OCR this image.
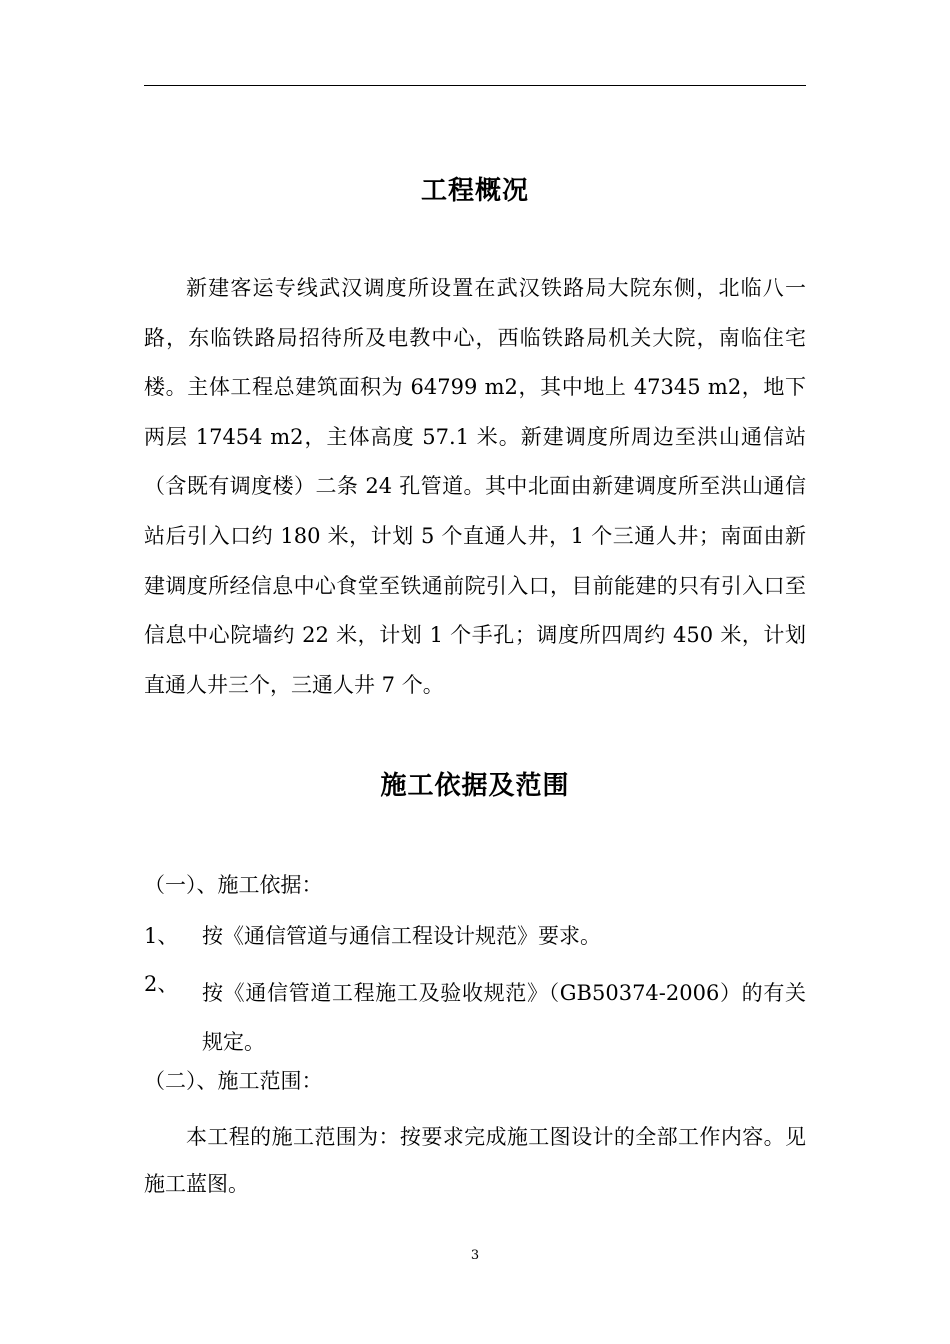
工程概况
新建客运专线武汉调度所设置在武汉铁路局大院东侧，北临八一路，东临铁路局招待所及电教中心，西临铁路局机关大院，南临住宅楼。主体工程总建筑面积为 64799 m2，其中地上 47345 m2，地下两层 17454 m2，主体高度 57.1 米。新建调度所周边至洪山通信站（含既有调度楼）二条 24 孔管道。其中北面由新建调度所至洪山通信站后引入口约 180 米，计划 5 个直通人井，1 个三通人井；南面由新建调度所经信息中心食堂至铁通前院引入口，目前能建的只有引入口至信息中心院墙约 22 米，计划 1 个手孔；调度所四周约 450 米，计划直通人井三个，三通人井 7 个。
施工依据及范围
（一）、施工依据：
1、 按《通信管道与通信工程设计规范》要求。
2、 按《通信管道工程施工及验收规范》（GB50374-2006）的有关规定。
（二）、施工范围：
本工程的施工范围为：按要求完成施工图设计的全部工作内容。见施工蓝图。
3
